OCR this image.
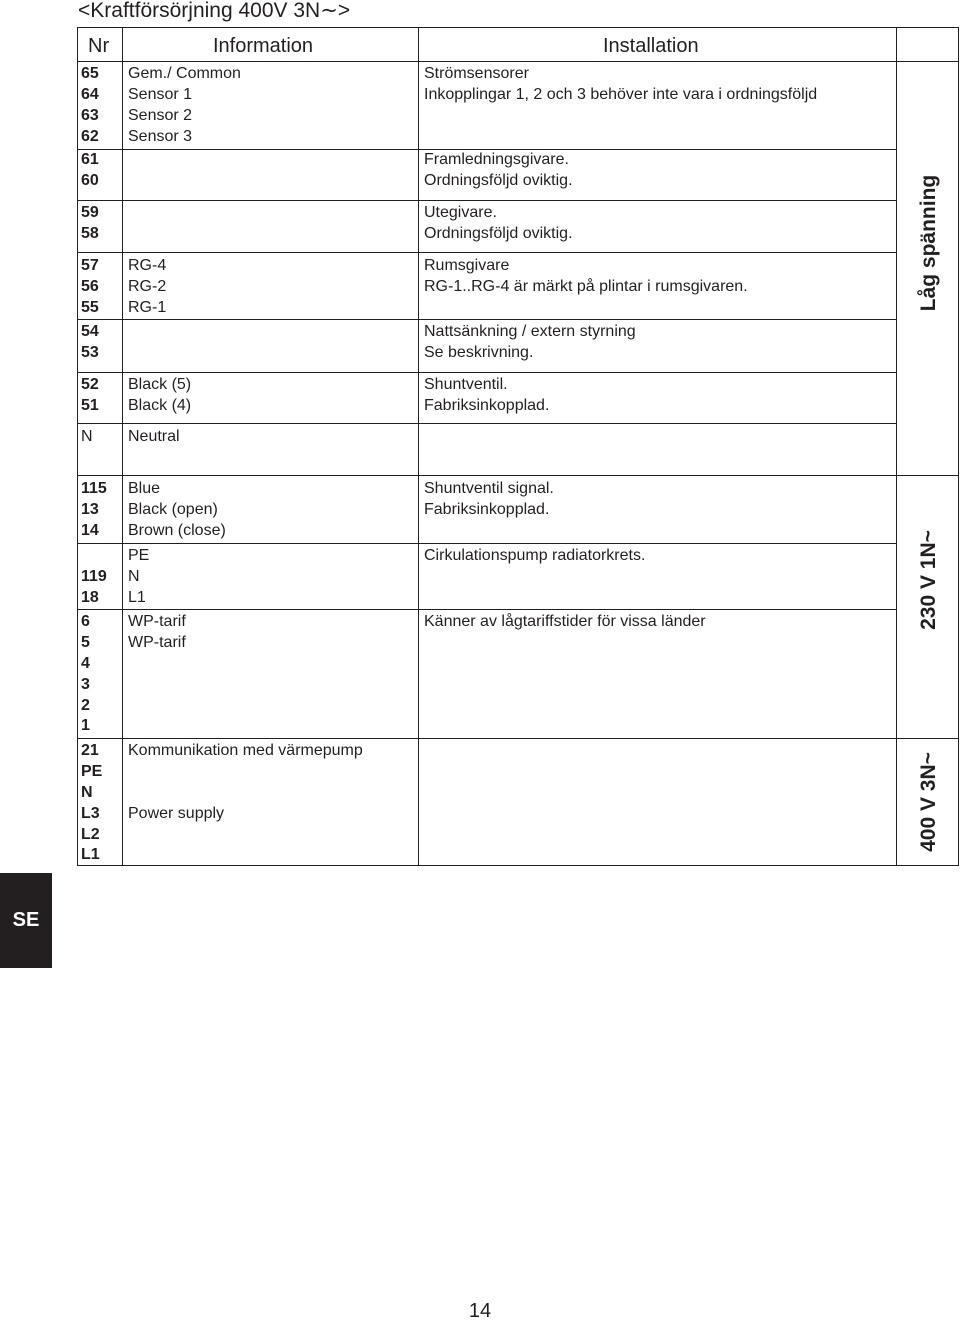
<Kraftförsörjning 400V 3N∼>
Nr	Information	Installation
65
64
63
62
Gem./ Common
Sensor 1
Sensor 2
Sensor 3
Strömsensorer
Inkopplingar 1, 2 och 3 behöver inte vara i ordningsföljd
61
60
Framledningsgivare.
Ordningsföljd oviktig.
59
58
Utegivare.
Ordningsföljd oviktig.
57
56
55
RG-4
RG-2
RG-1
Rumsgivare
RG-1..RG-4 är märkt på plintar i rumsgivaren.
54
53
Nattsänkning / extern styrning
Se beskrivning.
52
51
Black (5)
Black (4)
Shuntventil.
Fabriksinkopplad.
N Neutral
115
13
14
Blue
Black (open)
Brown (close)
Shuntventil signal.
Fabriksinkopplad.
119
18
PE
N
L1
Cirkulationspump radiatorkrets.
6
5
4
3
2
1
WP-tarif
WP-tarif
Känner av lågtariffstider för vissa länder
21
PE
N
L3
L2
L1
Kommunikation med värmepump
Power supply
Låg spänning
230 V 1N~
400 V 3N~
SE
14
